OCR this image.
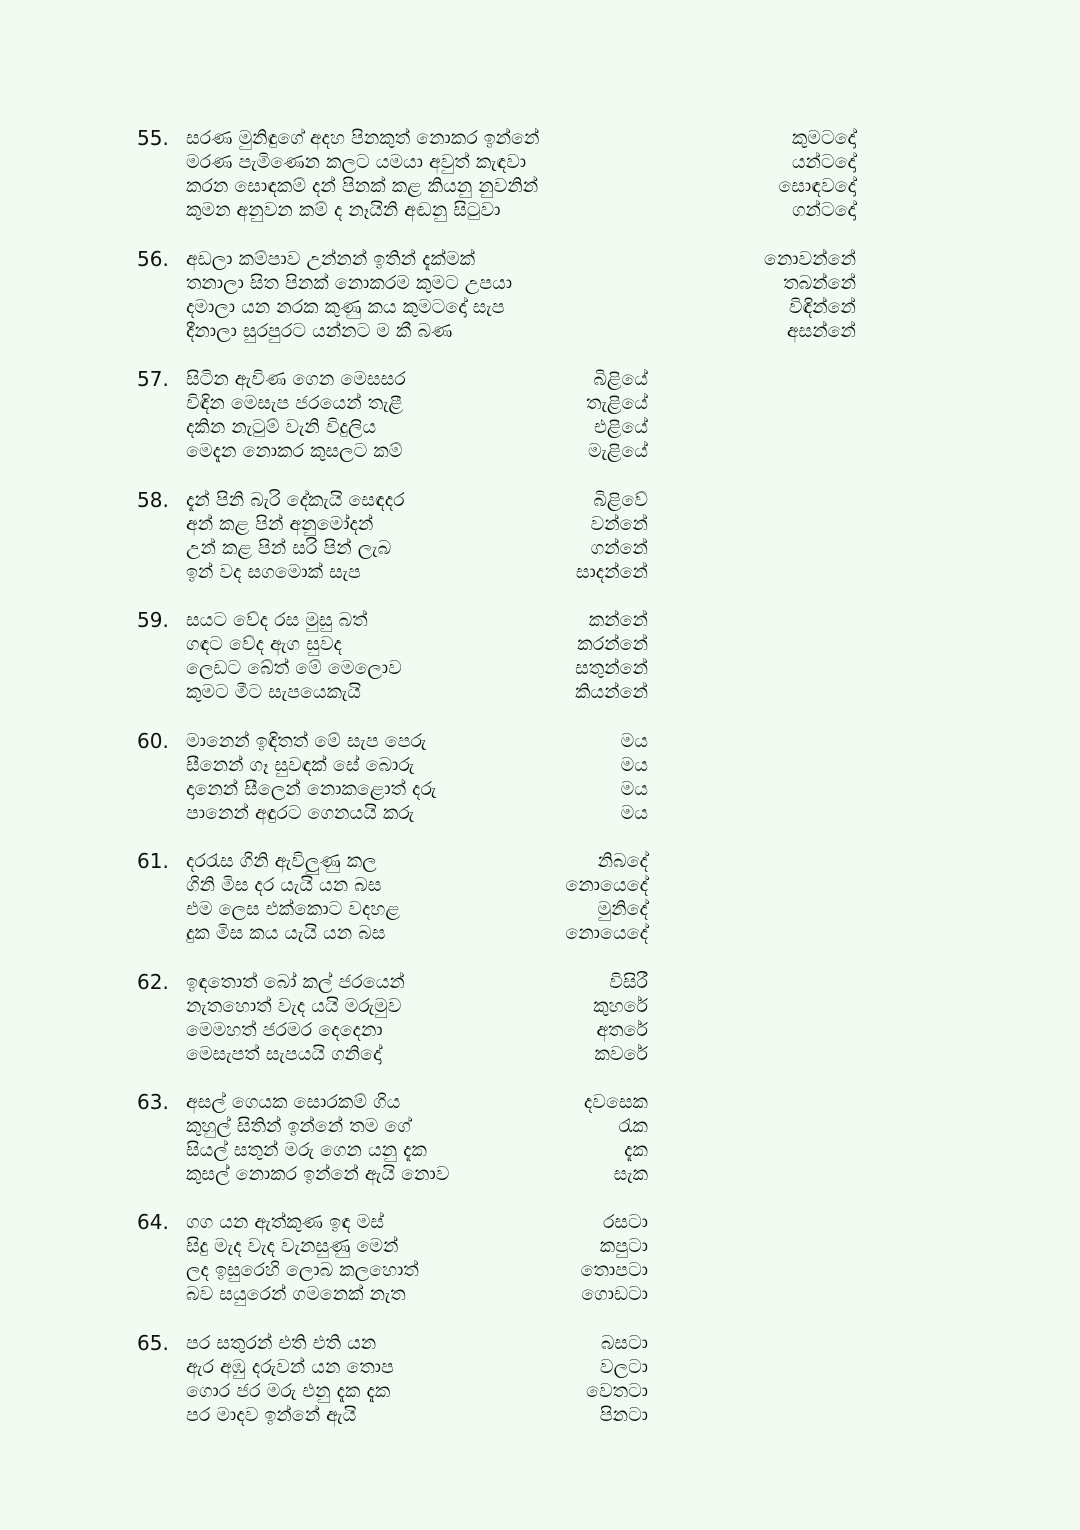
55. සරණ මුනිඳුගේ අදහ පිනකුත් නොකර ඉන්නේ	කුමටදෝ
මරණ පැමිණෙන කලට යමයා අවුත් කැඳවා	යන්ටදෝ
කරන සොඳකම් දන් පිනක් කළ කියනු නුවනින්	සොඳවදෝ
කුමන අනුවන කම් ද නෑයිනි අඬනු සිටුවා	ගන්ටදෝ
56. අඩලා කම්පාව උන්නන් ඉතින් දැක්මක්	නොවන්නේ
තනාලා සිත පිනක් නොකරම කුමට උපයා	තබන්නේ
දමාලා යන නරක කුණු කය කුමටදෝ සැප	විඳින්නේ
දීනාලා සුරපුරට යන්නට ම කී බණ	අසන්නේ
57. සිටින ඇවිණ ගෙන මෙසසර	බිළියේ
විඳින මෙසැප ජරයෙන් තැළී	තැළියේ
දකින නැටුම් වැනි විදුලිය	එළියේ
මෙදැන නොකර කුසලට කම්	මැළියේ
58. දැන් පිනි බැරි දේකැයි සෙඳදර	බිළිවේ
අන් කළ පින් අනුමෝදන්	වන්නේ
උන් කළ පින් සරි පින් ලැබ	ගන්නේ
ඉන් වද සගමොක් සැප	සාදන්නේ
59. සයට වේද රස මුසු බත්	කන්නේ
ගඳට වේද ඇග සුවද	කරන්නේ
ලෙඩට බේත් මේ මෙලොව	සතුන්නේ
කුමට මීට සැපයෙකැයි	කියන්නේ
60. මානෙන් ඉඳිතත් මේ සැප පෙරු	මය
සීනෙන් ගෑ සුවඳක් සේ බොරු	මය
දානෙන් සීලෙන් නොකළොත් දරු	මය
පානෙන් අඳුරට ගෙනයයි කරු	මය
61. දරරැස ගිනි ඇවිලුණු කල	නිබදේ
ගිනි මිස දර යැයි යන බස	නොයෙදේ
එම ලෙස එක්කොට වදහළ	මුනිදේ
දුක මිස කය යැයි යන බස	නොයෙදේ
62. ඉඳතොත් බෝ කල් ජරයෙන්	විසිරී
නැතහොත් වැද යයි මරුමුව	කුහරේ
මෙමහත් ජරමර දෙදෙනා	අතරේ
මෙසැපත් සැපයයි ගනිදෝ	කවරේ
63. අසල් ගෙයක සොරකම් ගිය	දවසෙක
කුහුල් සිතින් ඉන්නේ තම ගේ	රැක
සියල් සතුන් මරු ගෙන යනු දැක	දැක
කුසල් නොකර ඉන්නේ ඇයි නොව	සැක
64. ගග යන ඇත්කුණ ඉඳ මස්	රසටා
සිදු මැද වැද වැනසුණු මෙන්	කපුටා
ලද ඉසුරෙහි ලොබ කලහොත්	තොපටා
බව සයුරෙන් ගමනෙක් නැත	ගොඩටා
65. පර සතුරන් එති එති යන	බසටා
ඇර අඹු දරුවන් යන තොප	වලටා
ගොර ජර මරු එනු දැක දැක	වෙතටා
පර මාදව ඉන්නේ ඇයි	පිනටා
